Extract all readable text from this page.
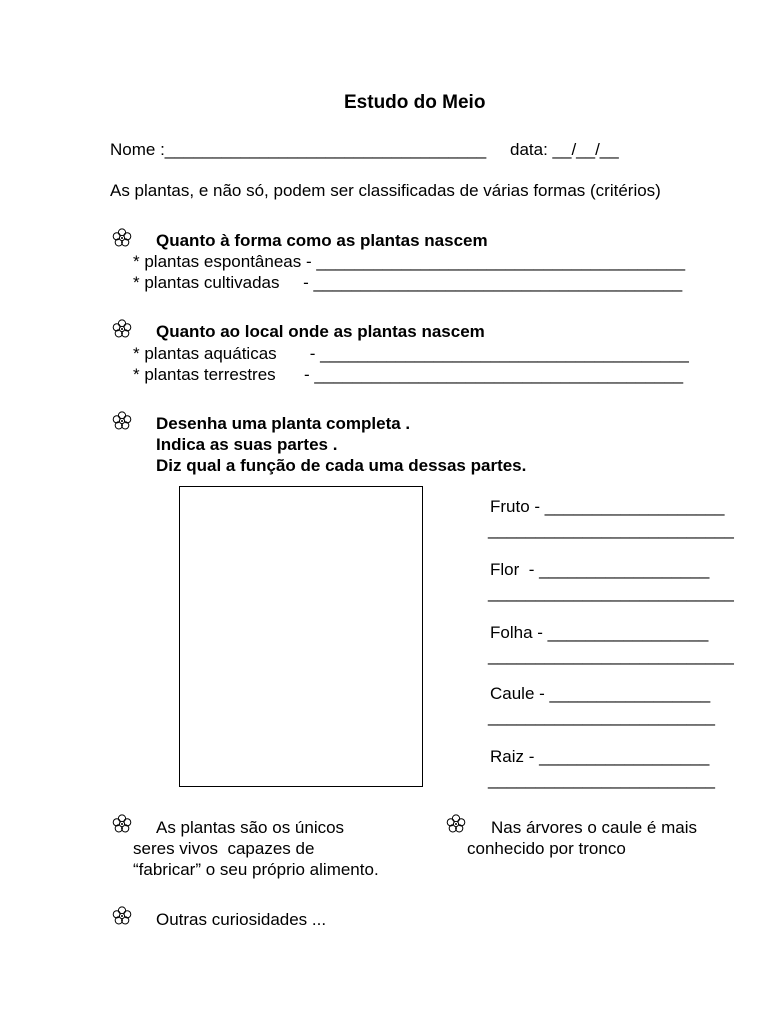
Estudo do Meio
Nome :__________________________________ data: __/__/__
As plantas, e não só, podem ser classificadas de várias formas (critérios)
Quanto à forma como as plantas nascem
* plantas espontâneas - _______________________________________
* plantas cultivadas     - _______________________________________
Quanto ao local onde as plantas nascem
* plantas aquáticas       - _______________________________________
* plantas terrestres      - _______________________________________
Desenha uma planta completa .
Indica as suas partes .
Diz qual a função de cada uma dessas partes.
Fruto - ___________________
__________________________
Flor  - __________________
__________________________
Folha - _________________
__________________________
Caule - _________________
________________________
Raiz - __________________
________________________
As plantas são os únicos
seres vivos  capazes de
“fabricar” o seu próprio alimento.
Nas árvores o caule é mais
conhecido por tronco
Outras curiosidades ...
